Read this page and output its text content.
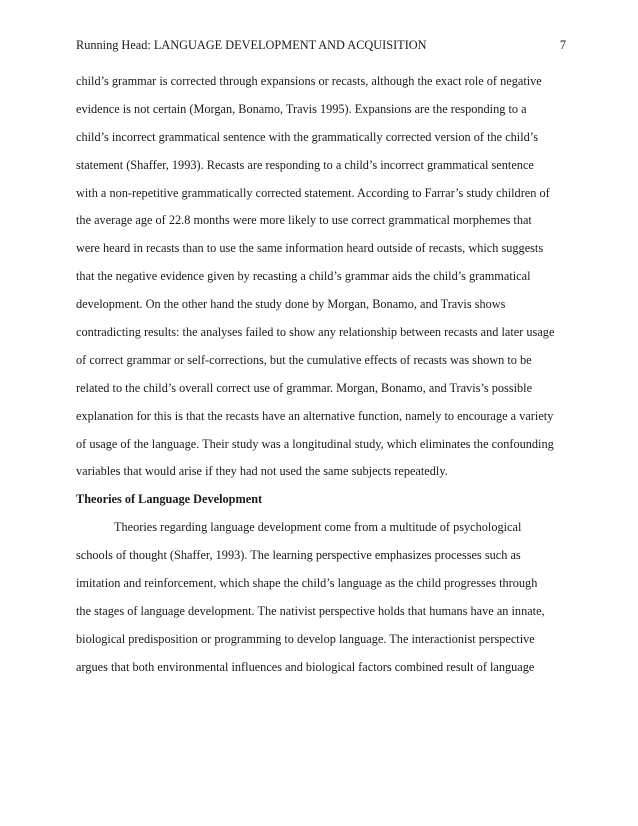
Running Head: LANGUAGE DEVELOPMENT AND ACQUISITION	7
child’s grammar is corrected through expansions or recasts, although the exact role of negative
evidence is not certain (Morgan, Bonamo, Travis 1995). Expansions are the responding to a
child’s incorrect grammatical sentence with the grammatically corrected version of the child’s
statement (Shaffer, 1993). Recasts are responding to a child’s incorrect grammatical sentence
with a non-repetitive grammatically corrected statement. According to Farrar’s study children of
the average age of 22.8 months were more likely to use correct grammatical morphemes that
were heard in recasts than to use the same information heard outside of recasts, which suggests
that the negative evidence given by recasting a child’s grammar aids the child’s grammatical
development. On the other hand the study done by Morgan, Bonamo, and Travis shows
contradicting results: the analyses failed to show any relationship between recasts and later usage
of correct grammar or self-corrections, but the cumulative effects of recasts was shown to be
related to the child’s overall correct use of grammar. Morgan, Bonamo, and Travis’s possible
explanation for this is that the recasts have an alternative function, namely to encourage a variety
of usage of the language. Their study was a longitudinal study, which eliminates the confounding
variables that would arise if they had not used the same subjects repeatedly.
Theories of Language Development
Theories regarding language development come from a multitude of psychological
schools of thought (Shaffer, 1993). The learning perspective emphasizes processes such as
imitation and reinforcement, which shape the child’s language as the child progresses through
the stages of language development. The nativist perspective holds that humans have an innate,
biological predisposition or programming to develop language. The interactionist perspective
argues that both environmental influences and biological factors combined result of language
